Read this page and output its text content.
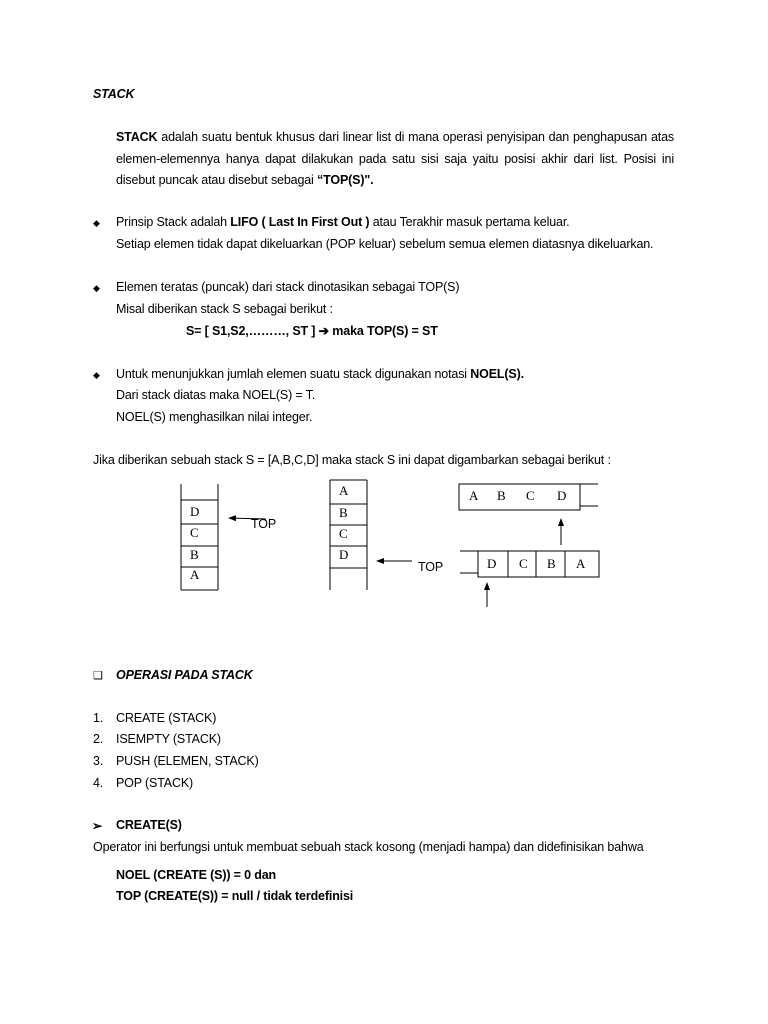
STACK
STACK adalah suatu bentuk khusus dari linear list di mana operasi penyisipan dan penghapusan atas elemen-elemennya hanya dapat dilakukan pada satu sisi saja yaitu posisi akhir dari list. Posisi ini disebut puncak atau disebut sebagai “TOP(S)".
◆ Prinsip Stack adalah LIFO ( Last In First Out ) atau Terakhir masuk pertama keluar.
Setiap elemen tidak dapat dikeluarkan (POP keluar) sebelum semua elemen diatasnya dikeluarkan.
◆ Elemen teratas (puncak) dari stack dinotasikan sebagai TOP(S)
Misal diberikan stack S sebagai berikut :
S= [ S1,S2,………, ST ] ➔ maka TOP(S) = ST
◆ Untuk menunjukkan jumlah elemen suatu stack digunakan notasi NOEL(S).
Dari stack diatas maka NOEL(S) = T.
NOEL(S) menghasilkan nilai integer.
Jika diberikan sebuah stack S = [A,B,C,D] maka stack S ini dapat digambarkan sebagai berikut :
D
C
B
A
TOP
A
B
C
D
TOP
A B C D
D C B A
❑ OPERASI PADA STACK
1. CREATE (STACK)
2. ISEMPTY (STACK)
3. PUSH (ELEMEN, STACK)
4. POP (STACK)
➢ CREATE(S)
Operator ini berfungsi untuk membuat sebuah stack kosong (menjadi hampa) dan didefinisikan bahwa
NOEL (CREATE (S)) = 0 dan
TOP (CREATE(S)) = null / tidak terdefinisi
